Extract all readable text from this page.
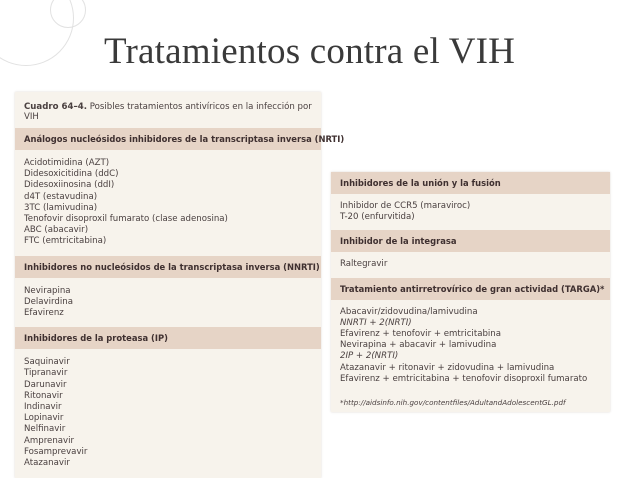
Tratamientos contra el VIH
Cuadro 64–4. Posibles tratamientos antivíricos en la infección por VIH
Análogos nucleósidos inhibidores de la transcriptasa inversa (NRTI)
Acidotimidina (AZT)
Didesoxicitidina (ddC)
Didesoxiinosina (ddI)
d4T (estavudina)
3TC (lamivudina)
Tenofovir disoproxil fumarato (clase adenosina)
ABC (abacavir)
FTC (emtricitabina)
Inhibidores no nucleósidos de la transcriptasa inversa (NNRTI)
Nevirapina
Delavirdina
Efavirenz
Inhibidores de la proteasa (IP)
Saquinavir
Tipranavir
Darunavir
Ritonavir
Indinavir
Lopinavir
Nelfinavir
Amprenavir
Fosamprevavir
Atazanavir
Inhibidores de la unión y la fusión
Inhibidor de CCR5 (maraviroc)
T-20 (enfurvitida)
Inhibidor de la integrasa
Raltegravir
Tratamiento antirretrovírico de gran actividad (TARGA)*
Abacavir/zidovudina/lamivudina
NNRTI + 2(NRTI)
Efavirenz + tenofovir + emtricitabina
Nevirapina + abacavir + lamivudina
2IP + 2(NRTI)
Atazanavir + ritonavir + zidovudina + lamivudina
Efavirenz + emtricitabina + tenofovir disoproxil fumarato
*http://aidsinfo.nih.gov/contentfiles/AdultandAdolescentGL.pdf
